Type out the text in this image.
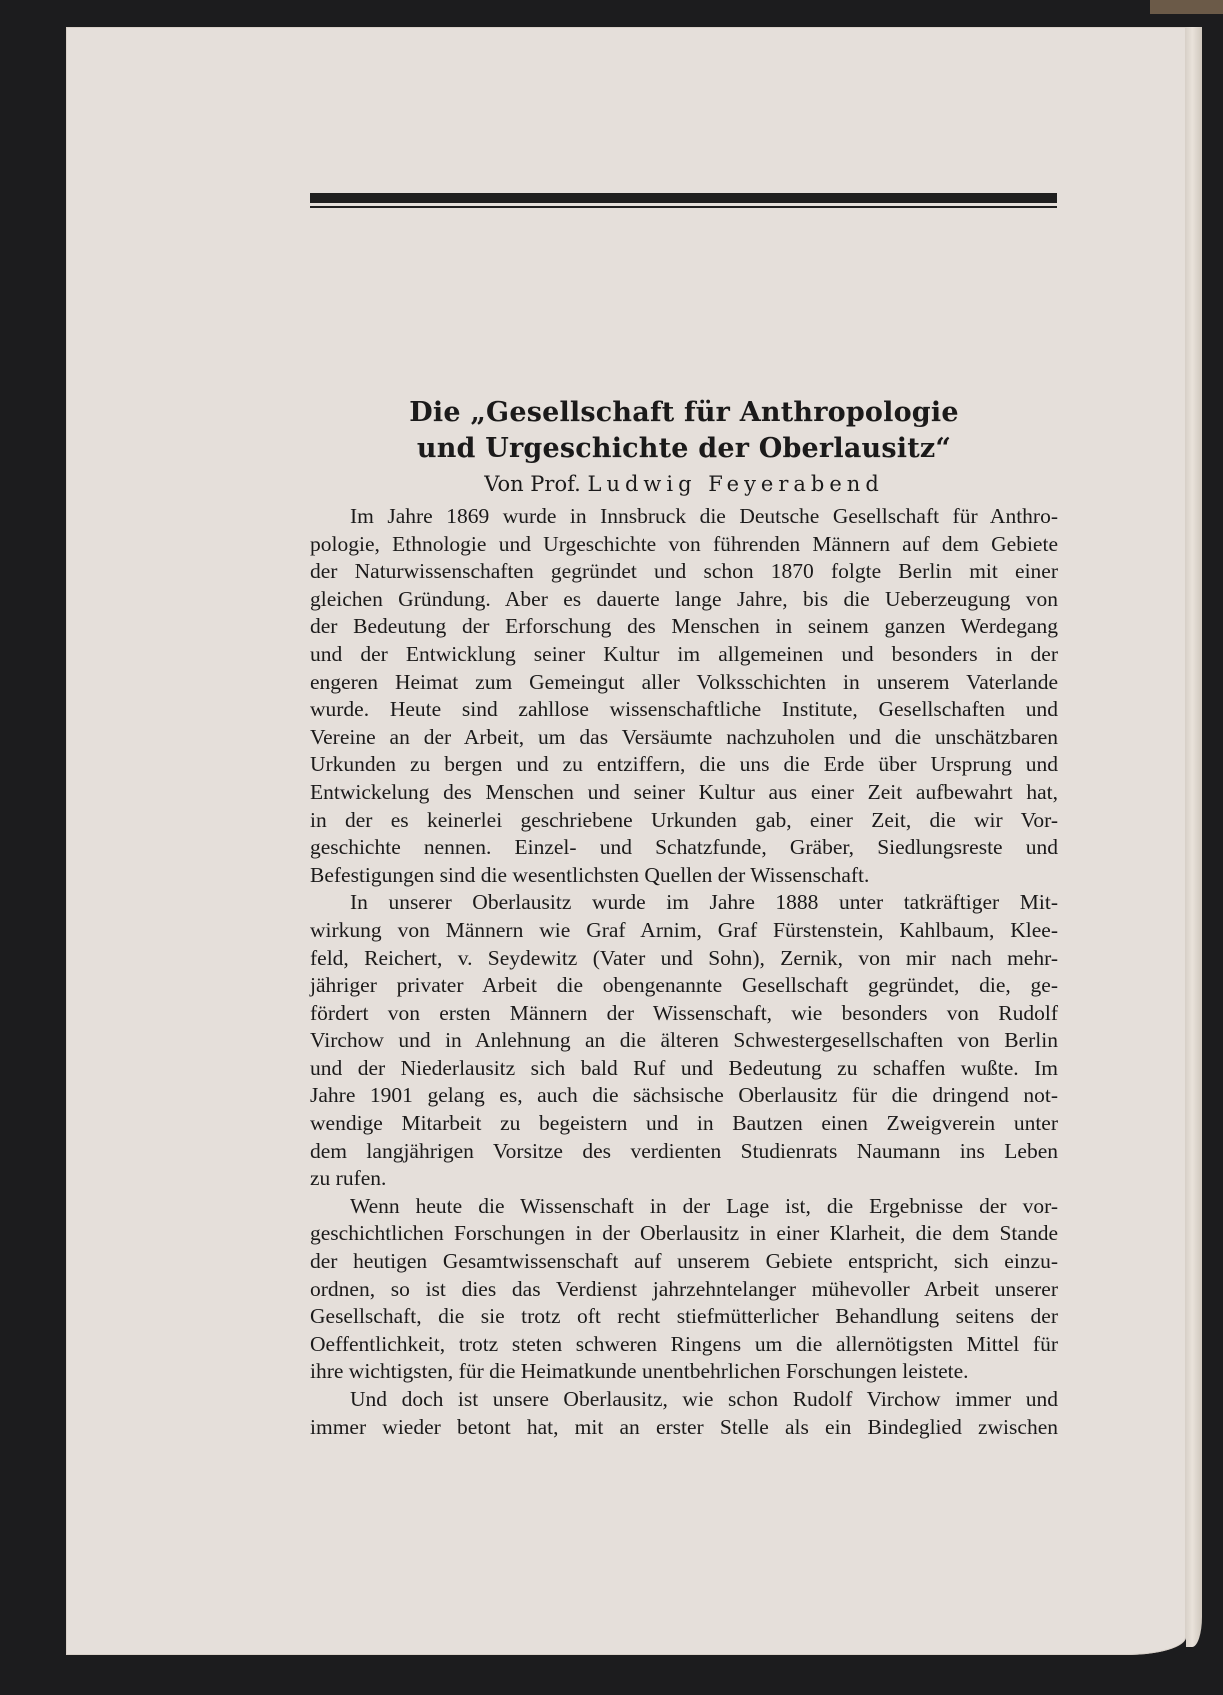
Die „Gesellschaft für Anthropologie
und Urgeschichte der Oberlausitz“
Von Prof. Ludwig Feyerabend
Im Jahre 1869 wurde in Innsbruck die Deutsche Gesellschaft für Anthro-
pologie, Ethnologie und Urgeschichte von führenden Männern auf dem Gebiete
der Naturwissenschaften gegründet und schon 1870 folgte Berlin mit einer
gleichen Gründung. Aber es dauerte lange Jahre, bis die Ueberzeugung von
der Bedeutung der Erforschung des Menschen in seinem ganzen Werdegang
und der Entwicklung seiner Kultur im allgemeinen und besonders in der
engeren Heimat zum Gemeingut aller Volksschichten in unserem Vaterlande
wurde. Heute sind zahllose wissenschaftliche Institute, Gesellschaften und
Vereine an der Arbeit, um das Versäumte nachzuholen und die unschätzbaren
Urkunden zu bergen und zu entziffern, die uns die Erde über Ursprung und
Entwickelung des Menschen und seiner Kultur aus einer Zeit aufbewahrt hat,
in der es keinerlei geschriebene Urkunden gab, einer Zeit, die wir Vor-
geschichte nennen. Einzel- und Schatzfunde, Gräber, Siedlungsreste und
Befestigungen sind die wesentlichsten Quellen der Wissenschaft.
In unserer Oberlausitz wurde im Jahre 1888 unter tatkräftiger Mit-
wirkung von Männern wie Graf Arnim, Graf Fürstenstein, Kahlbaum, Klee-
feld, Reichert, v. Seydewitz (Vater und Sohn), Zernik, von mir nach mehr-
jähriger privater Arbeit die obengenannte Gesellschaft gegründet, die, ge-
fördert von ersten Männern der Wissenschaft, wie besonders von Rudolf
Virchow und in Anlehnung an die älteren Schwestergesellschaften von Berlin
und der Niederlausitz sich bald Ruf und Bedeutung zu schaffen wußte. Im
Jahre 1901 gelang es, auch die sächsische Oberlausitz für die dringend not-
wendige Mitarbeit zu begeistern und in Bautzen einen Zweigverein unter
dem langjährigen Vorsitze des verdienten Studienrats Naumann ins Leben
zu rufen.
Wenn heute die Wissenschaft in der Lage ist, die Ergebnisse der vor-
geschichtlichen Forschungen in der Oberlausitz in einer Klarheit, die dem Stande
der heutigen Gesamtwissenschaft auf unserem Gebiete entspricht, sich einzu-
ordnen, so ist dies das Verdienst jahrzehntelanger mühevoller Arbeit unserer
Gesellschaft, die sie trotz oft recht stiefmütterlicher Behandlung seitens der
Oeffentlichkeit, trotz steten schweren Ringens um die allernötigsten Mittel für
ihre wichtigsten, für die Heimatkunde unentbehrlichen Forschungen leistete.
Und doch ist unsere Oberlausitz, wie schon Rudolf Virchow immer und
immer wieder betont hat, mit an erster Stelle als ein Bindeglied zwischen
